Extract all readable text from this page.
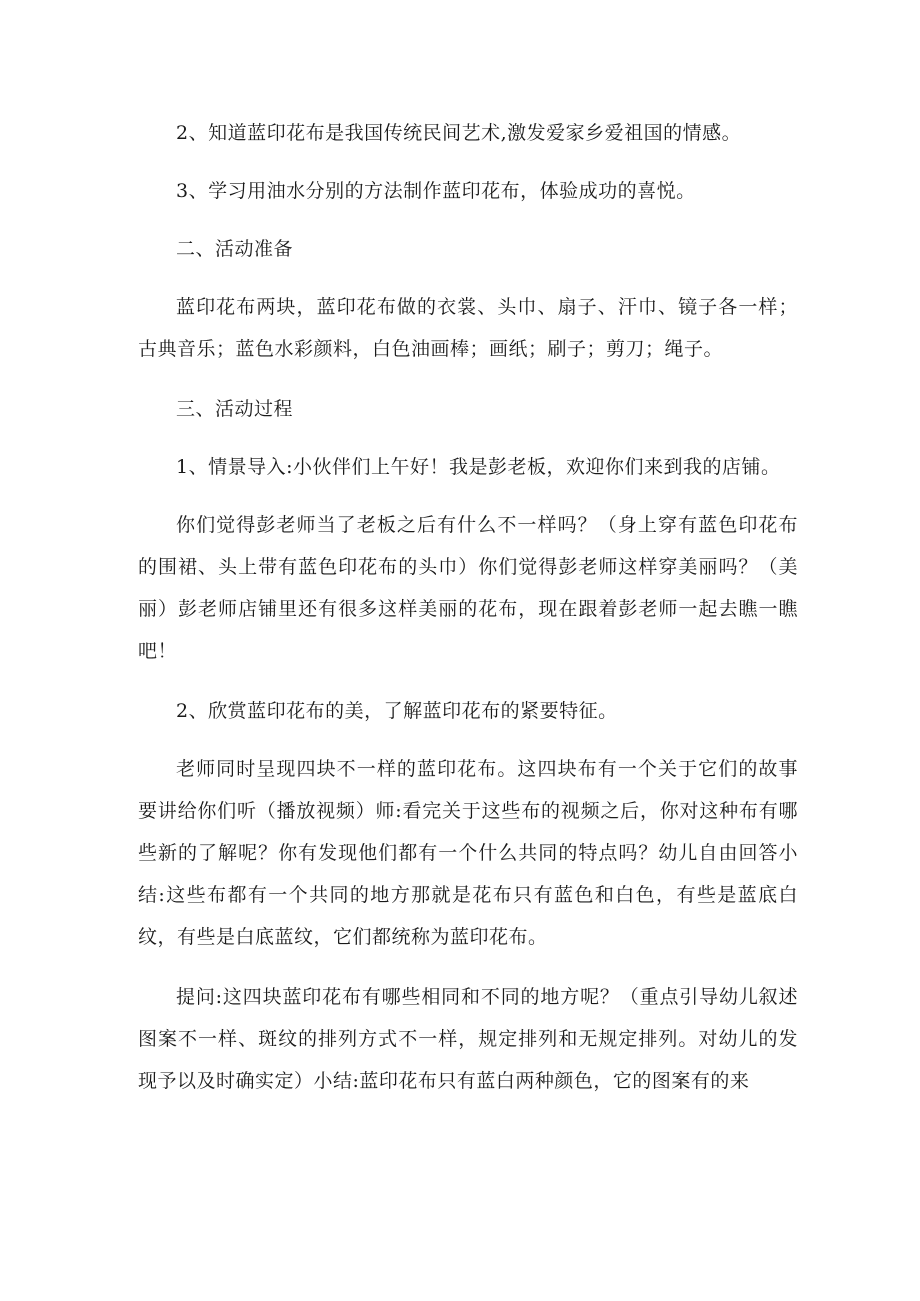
2、知道蓝印花布是我国传统民间艺术,激发爱家乡爱祖国的情感。

3、学习用油水分别的方法制作蓝印花布，体验成功的喜悦。

二、活动准备

蓝印花布两块，蓝印花布做的衣裳、头巾、扇子、汗巾、镜子各一样；古典音乐；蓝色水彩颜料，白色油画棒；画纸；刷子；剪刀；绳子。

三、活动过程

1、情景导入:小伙伴们上午好！我是彭老板，欢迎你们来到我的店铺。

你们觉得彭老师当了老板之后有什么不一样吗？（身上穿有蓝色印花布的围裙、头上带有蓝色印花布的头巾）你们觉得彭老师这样穿美丽吗？（美丽）彭老师店铺里还有很多这样美丽的花布，现在跟着彭老师一起去瞧一瞧吧！

2、欣赏蓝印花布的美，了解蓝印花布的紧要特征。

老师同时呈现四块不一样的蓝印花布。这四块布有一个关于它们的故事要讲给你们听（播放视频）师:看完关于这些布的视频之后，你对这种布有哪些新的了解呢？你有发现他们都有一个什么共同的特点吗？幼儿自由回答小结:这些布都有一个共同的地方那就是花布只有蓝色和白色，有些是蓝底白纹，有些是白底蓝纹，它们都统称为蓝印花布。

提问:这四块蓝印花布有哪些相同和不同的地方呢？（重点引导幼儿叙述图案不一样、斑纹的排列方式不一样，规定排列和无规定排列。对幼儿的发现予以及时确实定）小结:蓝印花布只有蓝白两种颜色，它的图案有的来
